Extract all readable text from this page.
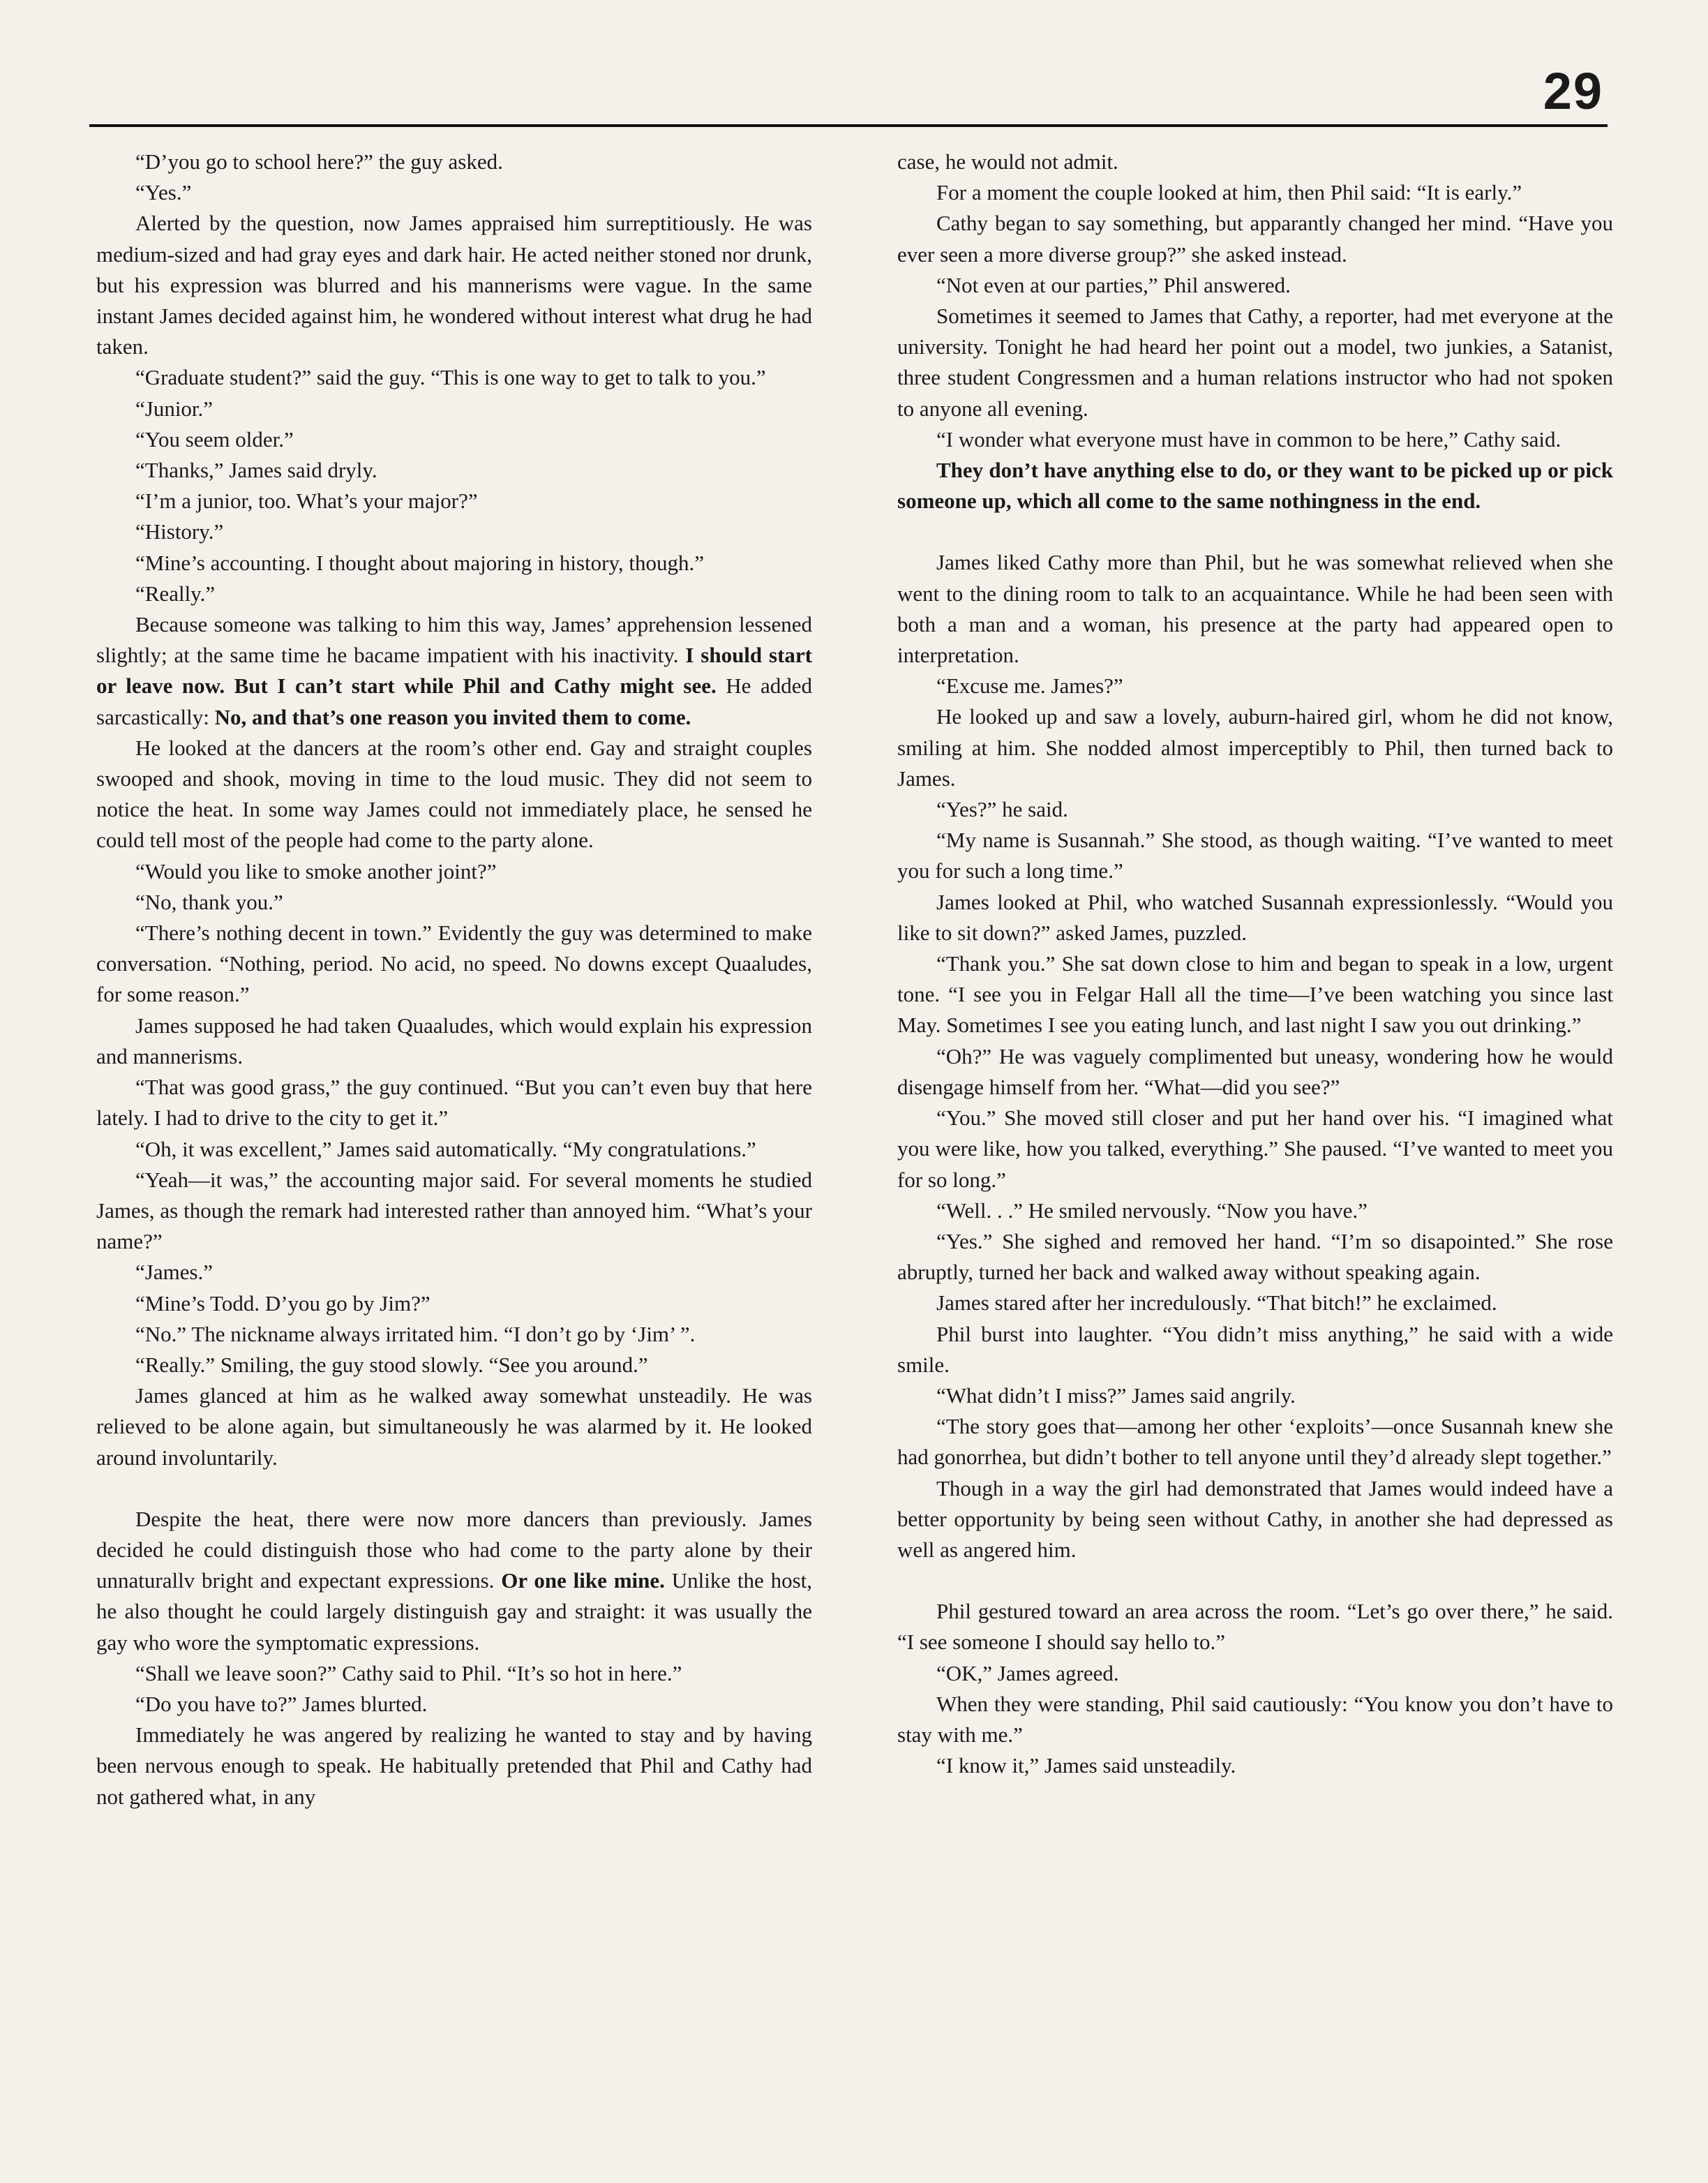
29

“D’you go to school here?” the guy asked.

“Yes.”

Alerted by the question, now James appraised him surreptitiously. He was medium-sized and had gray eyes and dark hair. He acted neither stoned nor drunk, but his expression was blurred and his mannerisms were vague. In the same instant James decided against him, he wondered without interest what drug he had taken.

“Graduate student?” said the guy. “This is one way to get to talk to you.”

“Junior.”

“You seem older.”

“Thanks,” James said dryly.

“I’m a junior, too. What’s your major?”

“History.”

“Mine’s accounting. I thought about majoring in history, though.”

“Really.”

Because someone was talking to him this way, James’ apprehension lessened slightly; at the same time he bacame impatient with his inactivity. I should start or leave now. But I can’t start while Phil and Cathy might see. He added sarcastically: No, and that’s one reason you invited them to come.

He looked at the dancers at the room’s other end. Gay and straight couples swooped and shook, moving in time to the loud music. They did not seem to notice the heat. In some way James could not immediately place, he sensed he could tell most of the people had come to the party alone.

“Would you like to smoke another joint?”

“No, thank you.”

“There’s nothing decent in town.” Evidently the guy was determined to make conversation. “Nothing, period. No acid, no speed. No downs except Quaaludes, for some reason.”

James supposed he had taken Quaaludes, which would explain his expression and mannerisms.

“That was good grass,” the guy continued. “But you can’t even buy that here lately. I had to drive to the city to get it.”

“Oh, it was excellent,” James said automatically. “My congratulations.”

“Yeah—it was,” the accounting major said. For several moments he studied James, as though the remark had interested rather than annoyed him. “What’s your name?”

“James.”

“Mine’s Todd. D’you go by Jim?”

“No.” The nickname always irritated him. “I don’t go by ‘Jim’ ”.

“Really.” Smiling, the guy stood slowly. “See you around.”

James glanced at him as he walked away somewhat unsteadily. He was relieved to be alone again, but simultaneously he was alarmed by it. He looked around involuntarily.

Despite the heat, there were now more dancers than previously. James decided he could distinguish those who had come to the party alone by their unnaturallv bright and expectant expressions. Or one like mine. Unlike the host, he also thought he could largely distinguish gay and straight: it was usually the gay who wore the symptomatic expressions.

“Shall we leave soon?” Cathy said to Phil. “It’s so hot in here.”

“Do you have to?” James blurted.

Immediately he was angered by realizing he wanted to stay and by having been nervous enough to speak. He habitually pretended that Phil and Cathy had not gathered what, in any

case, he would not admit.

For a moment the couple looked at him, then Phil said: “It is early.”

Cathy began to say something, but apparantly changed her mind. “Have you ever seen a more diverse group?” she asked instead.

“Not even at our parties,” Phil answered.

Sometimes it seemed to James that Cathy, a reporter, had met everyone at the university. Tonight he had heard her point out a model, two junkies, a Satanist, three student Congressmen and a human relations instructor who had not spoken to anyone all evening.

“I wonder what everyone must have in common to be here,” Cathy said.

They don’t have anything else to do, or they want to be picked up or pick someone up, which all come to the same nothingness in the end.

James liked Cathy more than Phil, but he was somewhat relieved when she went to the dining room to talk to an acquaintance. While he had been seen with both a man and a woman, his presence at the party had appeared open to interpretation.

“Excuse me. James?”

He looked up and saw a lovely, auburn-haired girl, whom he did not know, smiling at him. She nodded almost imperceptibly to Phil, then turned back to James.

“Yes?” he said.

“My name is Susannah.” She stood, as though waiting. “I’ve wanted to meet you for such a long time.”

James looked at Phil, who watched Susannah expressionlessly. “Would you like to sit down?” asked James, puzzled.

“Thank you.” She sat down close to him and began to speak in a low, urgent tone. “I see you in Felgar Hall all the time—I’ve been watching you since last May. Sometimes I see you eating lunch, and last night I saw you out drinking.”

“Oh?” He was vaguely complimented but uneasy, wondering how he would disengage himself from her. “What—did you see?”

“You.” She moved still closer and put her hand over his. “I imagined what you were like, how you talked, everything.” She paused. “I’ve wanted to meet you for so long.”

“Well. . .” He smiled nervously. “Now you have.”

“Yes.” She sighed and removed her hand. “I’m so disapointed.” She rose abruptly, turned her back and walked away without speaking again.

James stared after her incredulously. “That bitch!” he exclaimed.

Phil burst into laughter. “You didn’t miss anything,” he said with a wide smile.

“What didn’t I miss?” James said angrily.

“The story goes that—among her other ‘exploits’—once Susannah knew she had gonorrhea, but didn’t bother to tell anyone until they’d already slept together.”

Though in a way the girl had demonstrated that James would indeed have a better opportunity by being seen without Cathy, in another she had depressed as well as angered him.

Phil gestured toward an area across the room. “Let’s go over there,” he said. “I see someone I should say hello to.”

“OK,” James agreed.

When they were standing, Phil said cautiously: “You know you don’t have to stay with me.”

“I know it,” James said unsteadily.
